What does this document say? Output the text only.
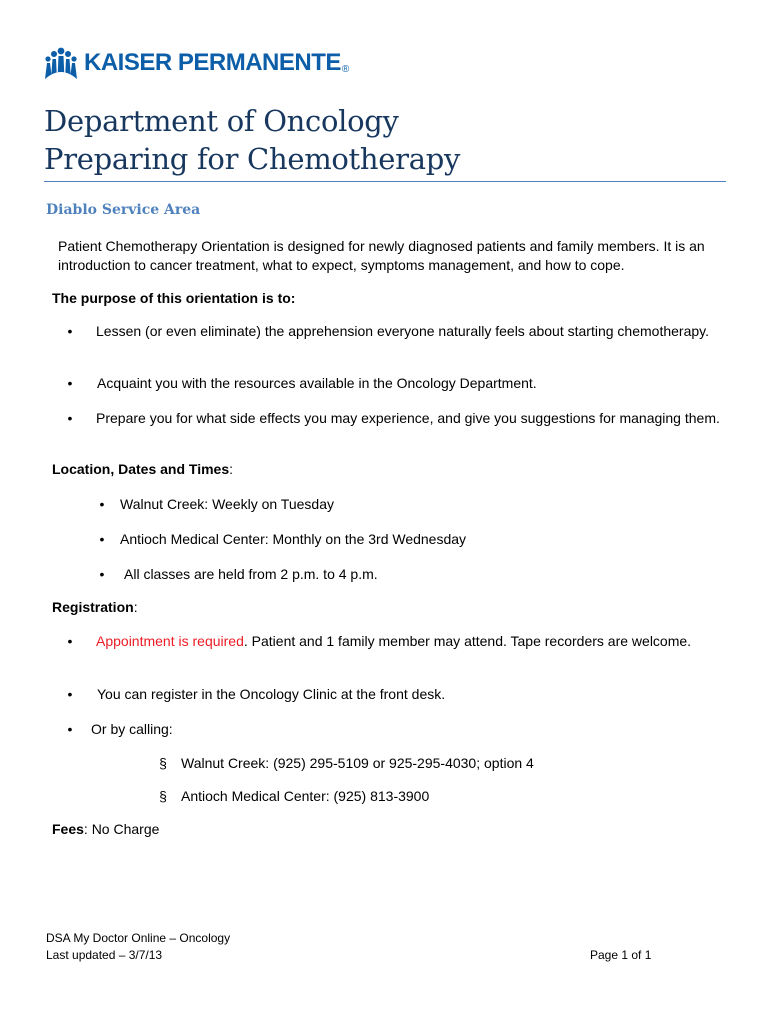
KAISER PERMANENTE ®
Department of Oncology
Preparing for Chemotherapy
Diablo Service Area
Patient Chemotherapy Orientation is designed for newly diagnosed patients and family members. It is an introduction to cancer treatment, what to expect, symptoms management, and how to cope.
The purpose of this orientation is to:
• Lessen (or even eliminate) the apprehension everyone naturally feels about starting chemotherapy.
• Acquaint you with the resources available in the Oncology Department.
• Prepare you for what side effects you may experience, and give you suggestions for managing them.
Location, Dates and Times:
• Walnut Creek: Weekly on Tuesday
• Antioch Medical Center: Monthly on the 3rd Wednesday
• All classes are held from 2 p.m. to 4 p.m.
Registration:
• Appointment is required. Patient and 1 family member may attend. Tape recorders are welcome.
• You can register in the Oncology Clinic at the front desk.
• Or by calling:
§ Walnut Creek: (925) 295-5109 or 925-295-4030; option 4
§ Antioch Medical Center: (925) 813-3900
Fees: No Charge
DSA My Doctor Online – Oncology
Last updated – 3/7/13	Page 1 of 1
